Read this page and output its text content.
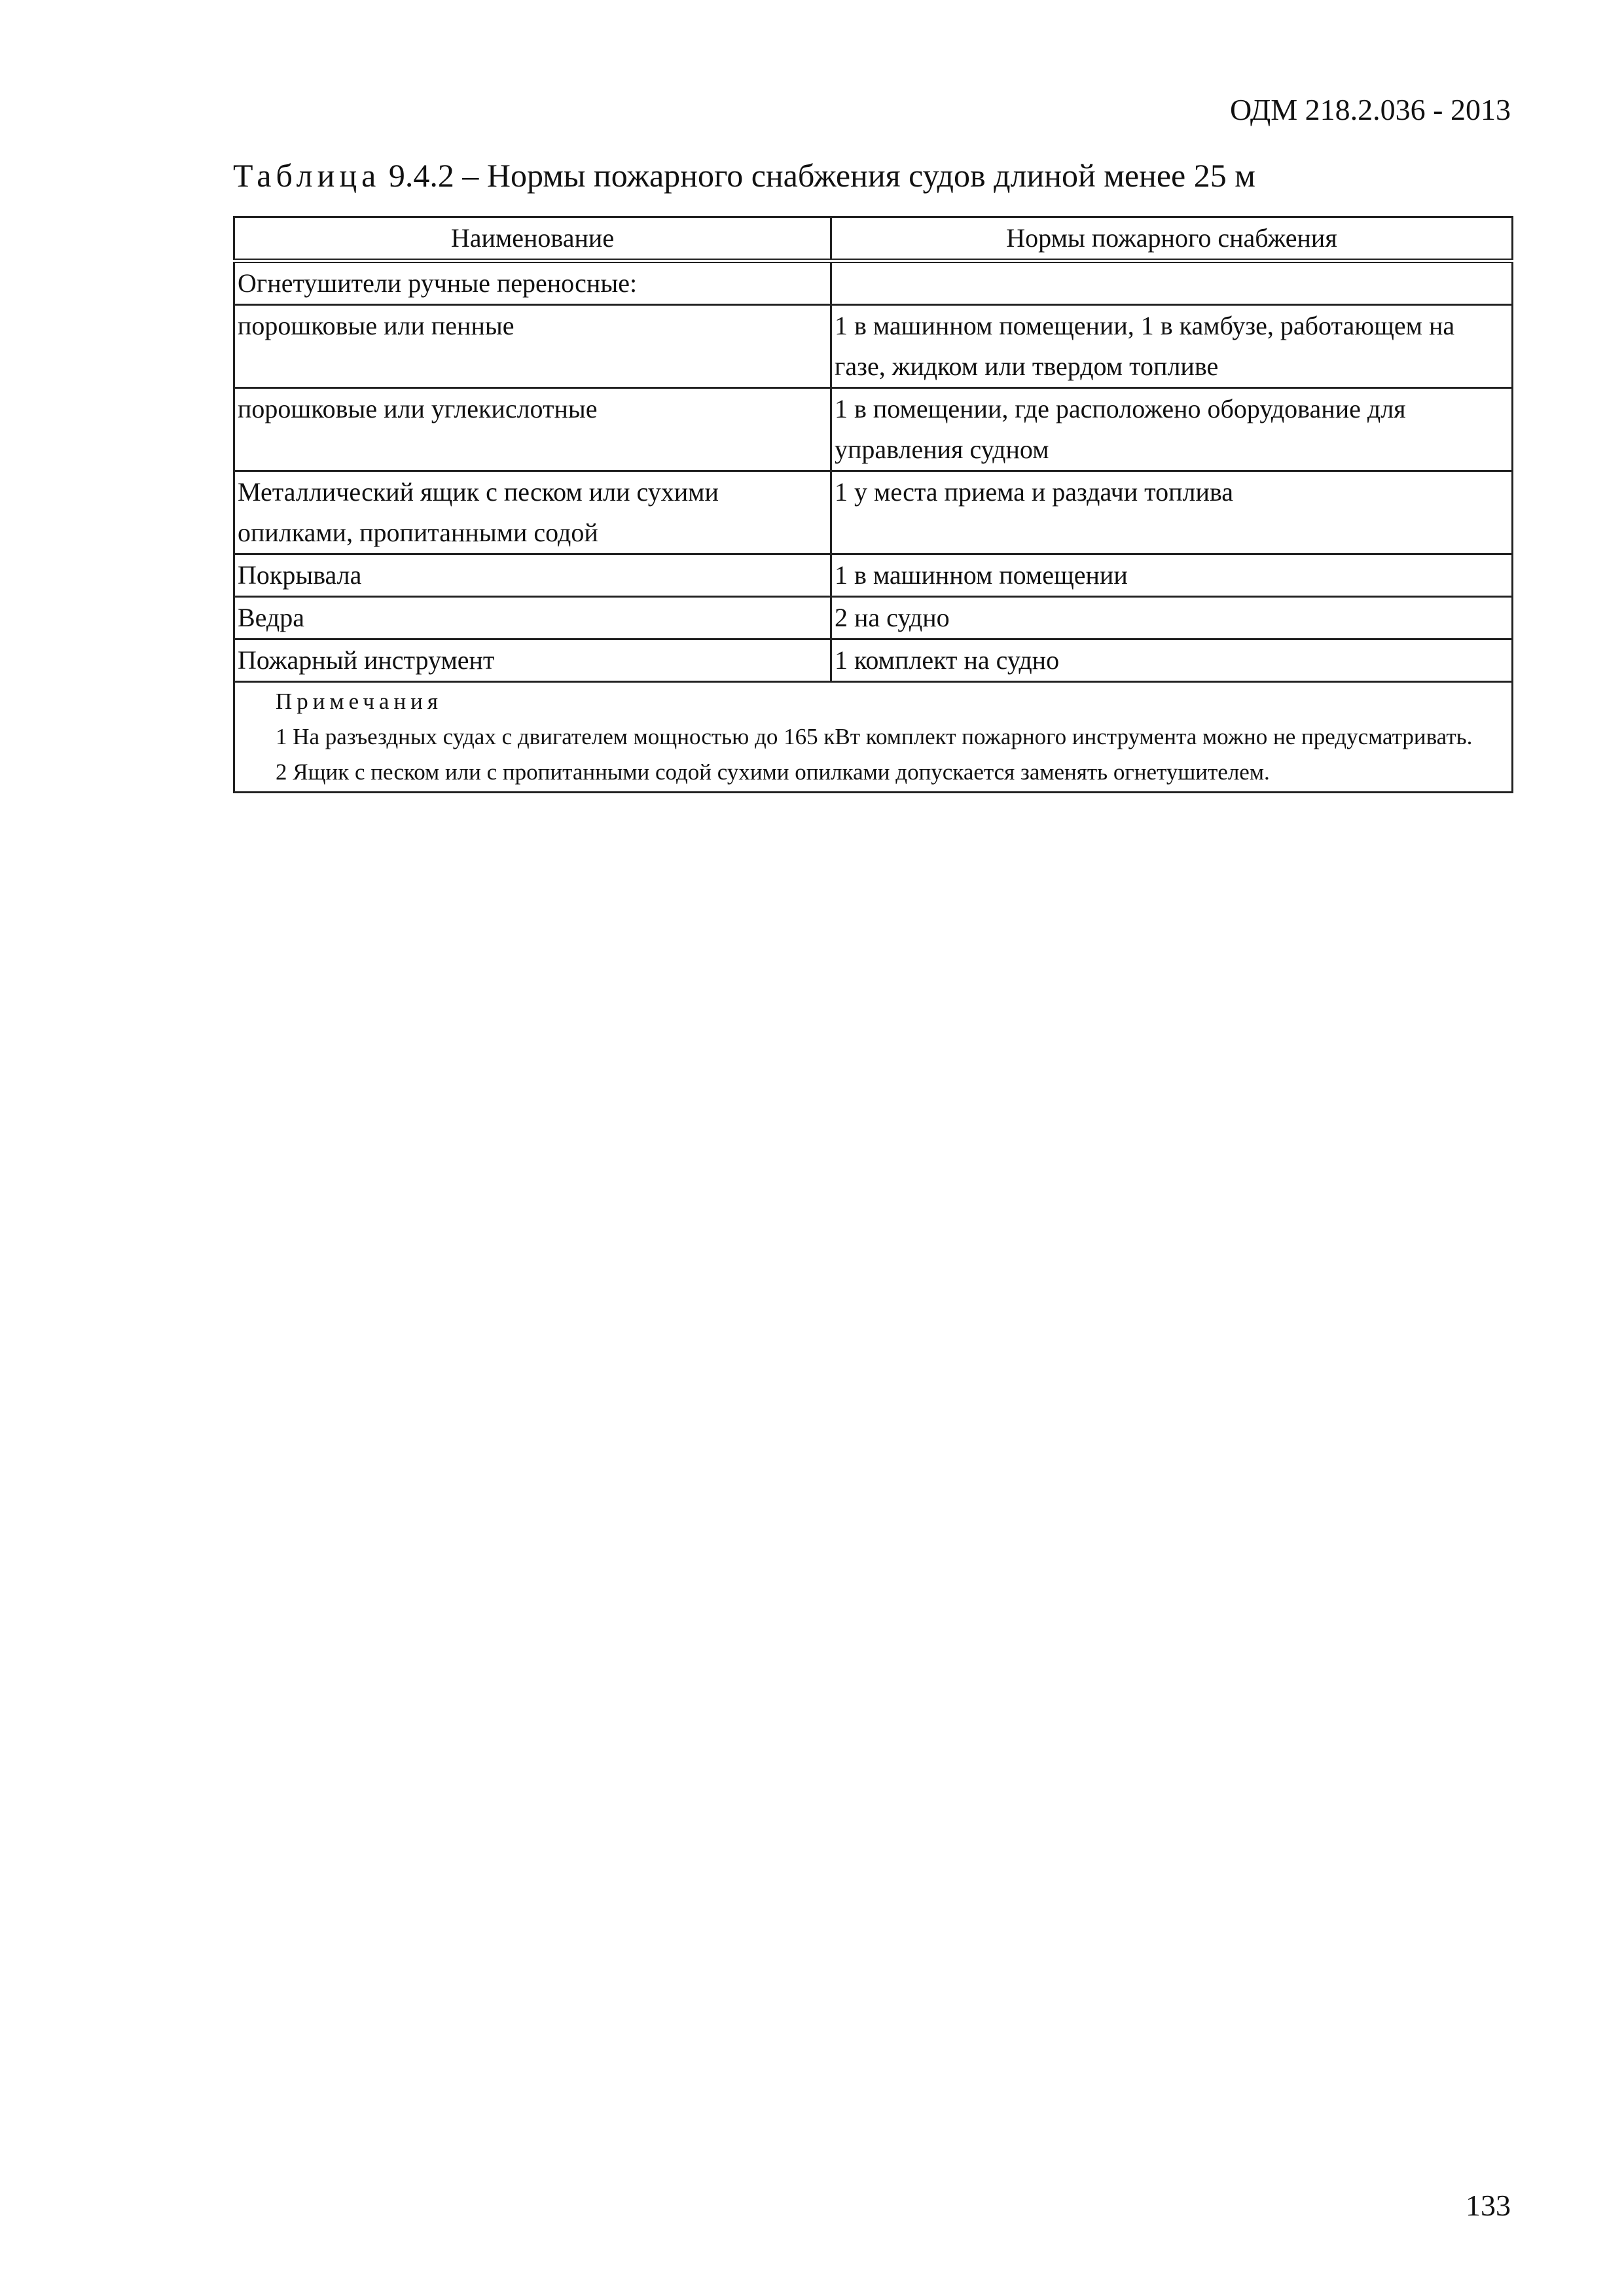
ОДМ 218.2.036 - 2013
Таблица 9.4.2 – Нормы пожарного снабжения судов длиной менее 25 м
Наименование	Нормы пожарного снабжения
Огнетушители ручные переносные:	
порошковые или пенные	1 в машинном помещении, 1 в камбузе, работающем на газе, жидком или твердом топливе
порошковые или углекислотные	1 в помещении, где расположено оборудование для управления судном
Металлический ящик с песком или сухими опилками, пропитанными содой	1 у места приема и раздачи топлива
Покрывала	1 в машинном помещении
Ведра	2 на судно
Пожарный инструмент	1 комплект на судно

Примечания
1 На разъездных судах с двигателем мощностью до 165 кВт комплект пожарного инструмента можно не предусматривать.
2 Ящик с песком или с пропитанными содой сухими опилками допускается заменять огнетушителем.	
133
